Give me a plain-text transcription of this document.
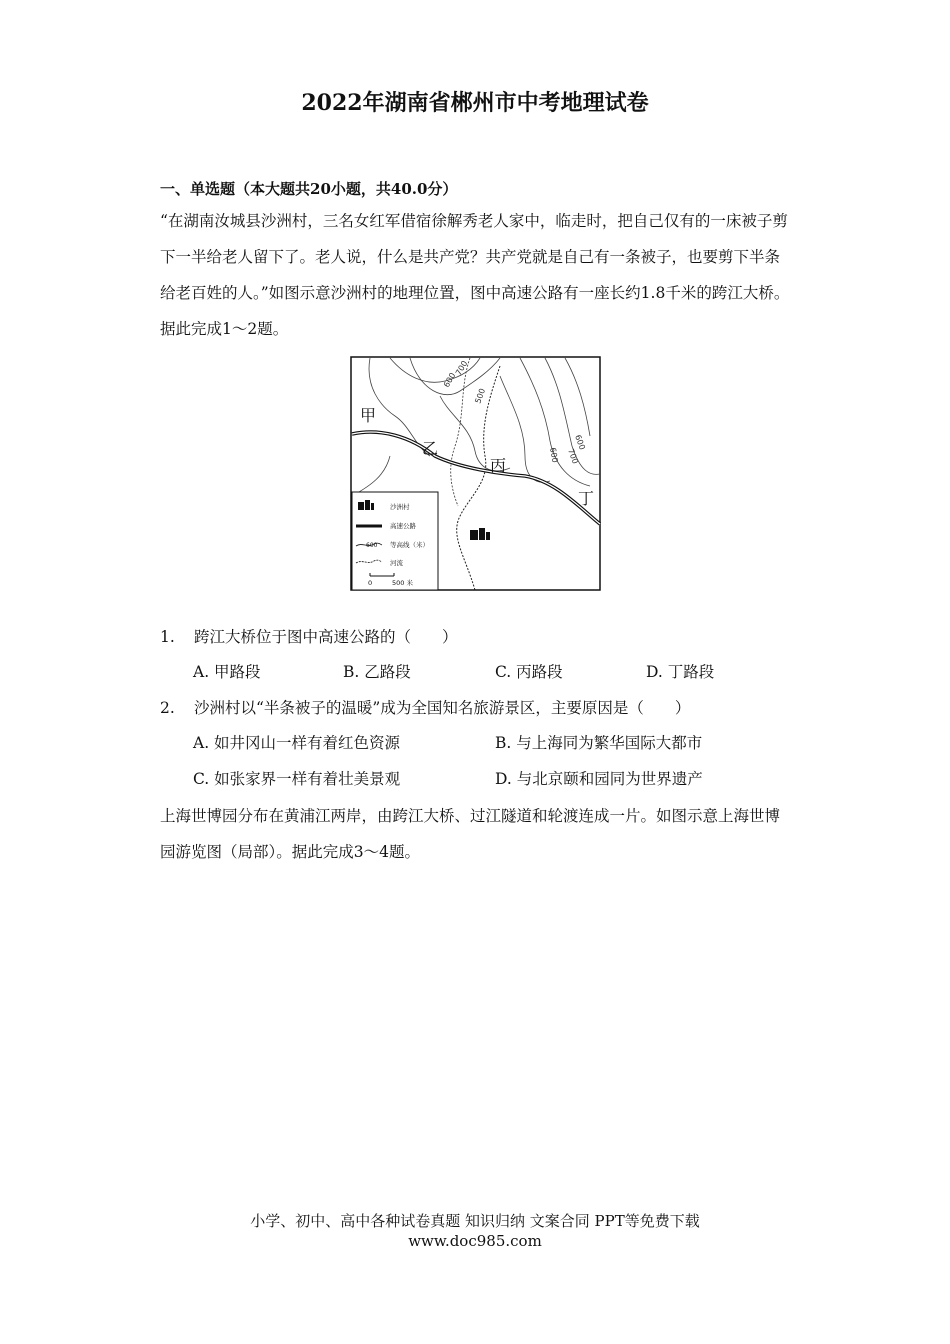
2022年湖南省郴州市中考地理试卷
一、单选题（本大题共20小题，共40.0分）
“在湖南汝城县沙洲村，三名女红军借宿徐解秀老人家中，临走时，把自己仅有的一床被子剪下一半给老人留下了。老人说，什么是共产党？共产党就是自己有一条被子，也要剪下半条给老百姓的人。”如图示意沙洲村的地理位置，图中高速公路有一座长约1.8千米的跨江大桥。据此完成1～2题。
700
600
500
600
600 700
甲
乙
丙
丁
沙洲村
高速公路
600 等高线（米）
河流
0	500 米
1. 跨江大桥位于图中高速公路的（　　）
A. 甲路段	B. 乙路段	C. 丙路段	D. 丁路段
2. 沙洲村以“半条被子的温暖”成为全国知名旅游景区，主要原因是（　　）
A. 如井冈山一样有着红色资源	B. 与上海同为繁华国际大都市
C. 如张家界一样有着壮美景观	D. 与北京颐和园同为世界遗产
上海世博园分布在黄浦江两岸，由跨江大桥、过江隧道和轮渡连成一片。如图示意上海世博园游览图（局部）。据此完成3～4题。
小学、初中、高中各种试卷真题 知识归纳 文案合同 PPT等免费下载
www.doc985.com
